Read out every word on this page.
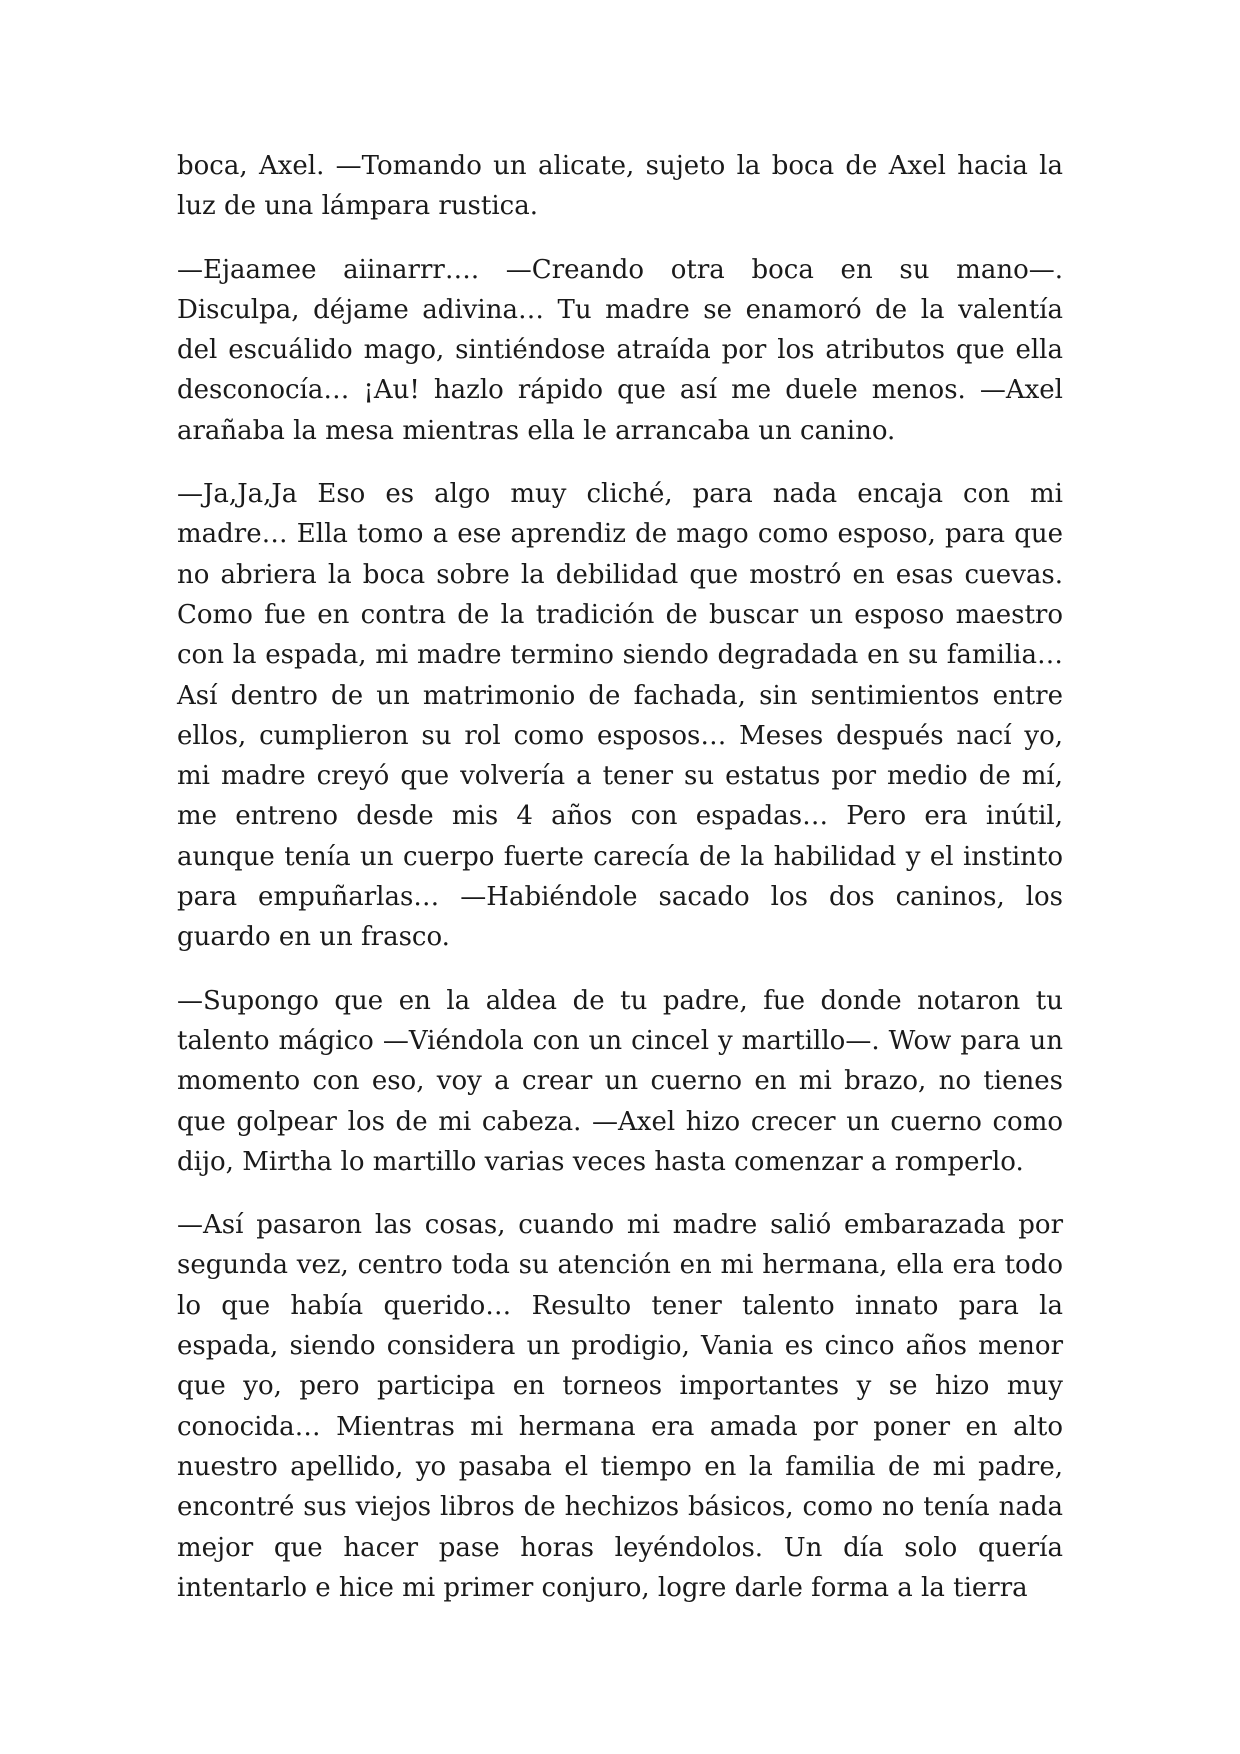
boca, Axel. —Tomando un alicate, sujeto la boca de Axel hacia la luz de una lámpara rustica.

—Ejaamee aiinarrr…. —Creando otra boca en su mano—. Disculpa, déjame adivina… Tu madre se enamoró de la valentía del escuálido mago, sintiéndose atraída por los atributos que ella desconocía… ¡Au! hazlo rápido que así me duele menos. —Axel arañaba la mesa mientras ella le arrancaba un canino.

—Ja,Ja,Ja Eso es algo muy cliché, para nada encaja con mi madre… Ella tomo a ese aprendiz de mago como esposo, para que no abriera la boca sobre la debilidad que mostró en esas cuevas. Como fue en contra de la tradición de buscar un esposo maestro con la espada, mi madre termino siendo degradada en su familia… Así dentro de un matrimonio de fachada, sin sentimientos entre ellos, cumplieron su rol como esposos… Meses después nací yo, mi madre creyó que volvería a tener su estatus por medio de mí, me entreno desde mis 4 años con espadas… Pero era inútil, aunque tenía un cuerpo fuerte carecía de la habilidad y el instinto para empuñarlas… —Habiéndole sacado los dos caninos, los guardo en un frasco.

—Supongo que en la aldea de tu padre, fue donde notaron tu talento mágico —Viéndola con un cincel y martillo—. Wow para un momento con eso, voy a crear un cuerno en mi brazo, no tienes que golpear los de mi cabeza. —Axel hizo crecer un cuerno como dijo, Mirtha lo martillo varias veces hasta comenzar a romperlo.

—Así pasaron las cosas, cuando mi madre salió embarazada por segunda vez, centro toda su atención en mi hermana, ella era todo lo que había querido… Resulto tener talento innato para la espada, siendo considera un prodigio, Vania es cinco años menor que yo, pero participa en torneos importantes y se hizo muy conocida… Mientras mi hermana era amada por poner en alto nuestro apellido, yo pasaba el tiempo en la familia de mi padre, encontré sus viejos libros de hechizos básicos, como no tenía nada mejor que hacer pase horas leyéndolos. Un día solo quería intentarlo e hice mi primer conjuro, logre darle forma a la tierra
